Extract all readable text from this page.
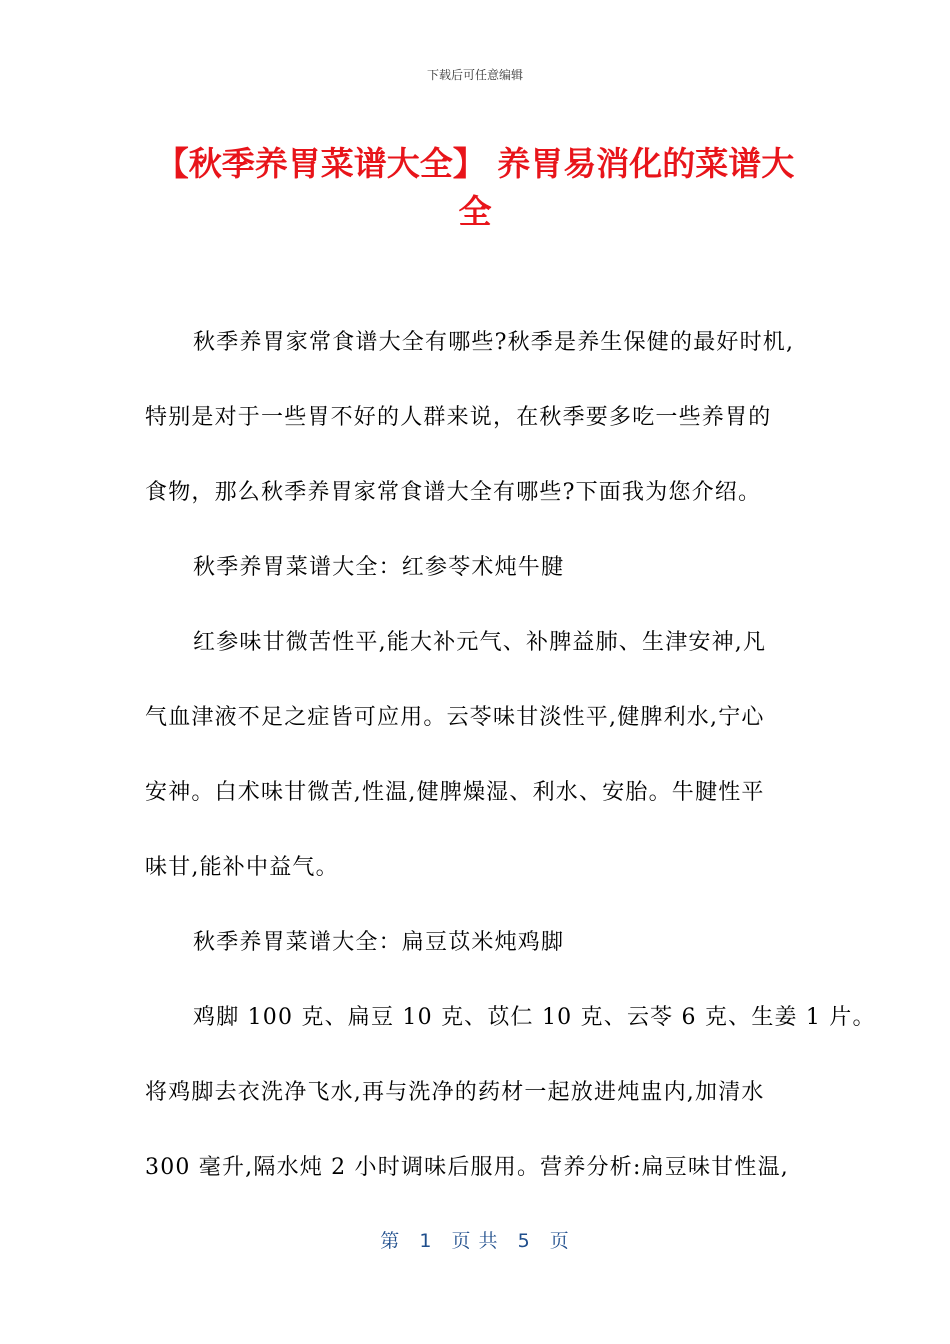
下载后可任意编辑
【秋季养胃菜谱大全】 养胃易消化的菜谱大全
秋季养胃家常食谱大全有哪些?秋季是养生保健的最好时机,
特别是对于一些胃不好的人群来说，在秋季要多吃一些养胃的
食物，那么秋季养胃家常食谱大全有哪些?下面我为您介绍。
秋季养胃菜谱大全：红参苓术炖牛腱
红参味甘微苦性平,能大补元气、补脾益肺、生津安神,凡
气血津液不足之症皆可应用。云苓味甘淡性平,健脾利水,宁心
安神。白术味甘微苦,性温,健脾燥湿、利水、安胎。牛腱性平
味甘,能补中益气。
秋季养胃菜谱大全：扁豆苡米炖鸡脚
鸡脚 100 克、扁豆 10 克、苡仁 10 克、云苓 6 克、生姜 1 片。
将鸡脚去衣洗净飞水,再与洗净的药材一起放进炖盅内,加清水
300 毫升,隔水炖 2 小时调味后服用。营养分析:扁豆味甘性温,
第 1 页 共 5 页
